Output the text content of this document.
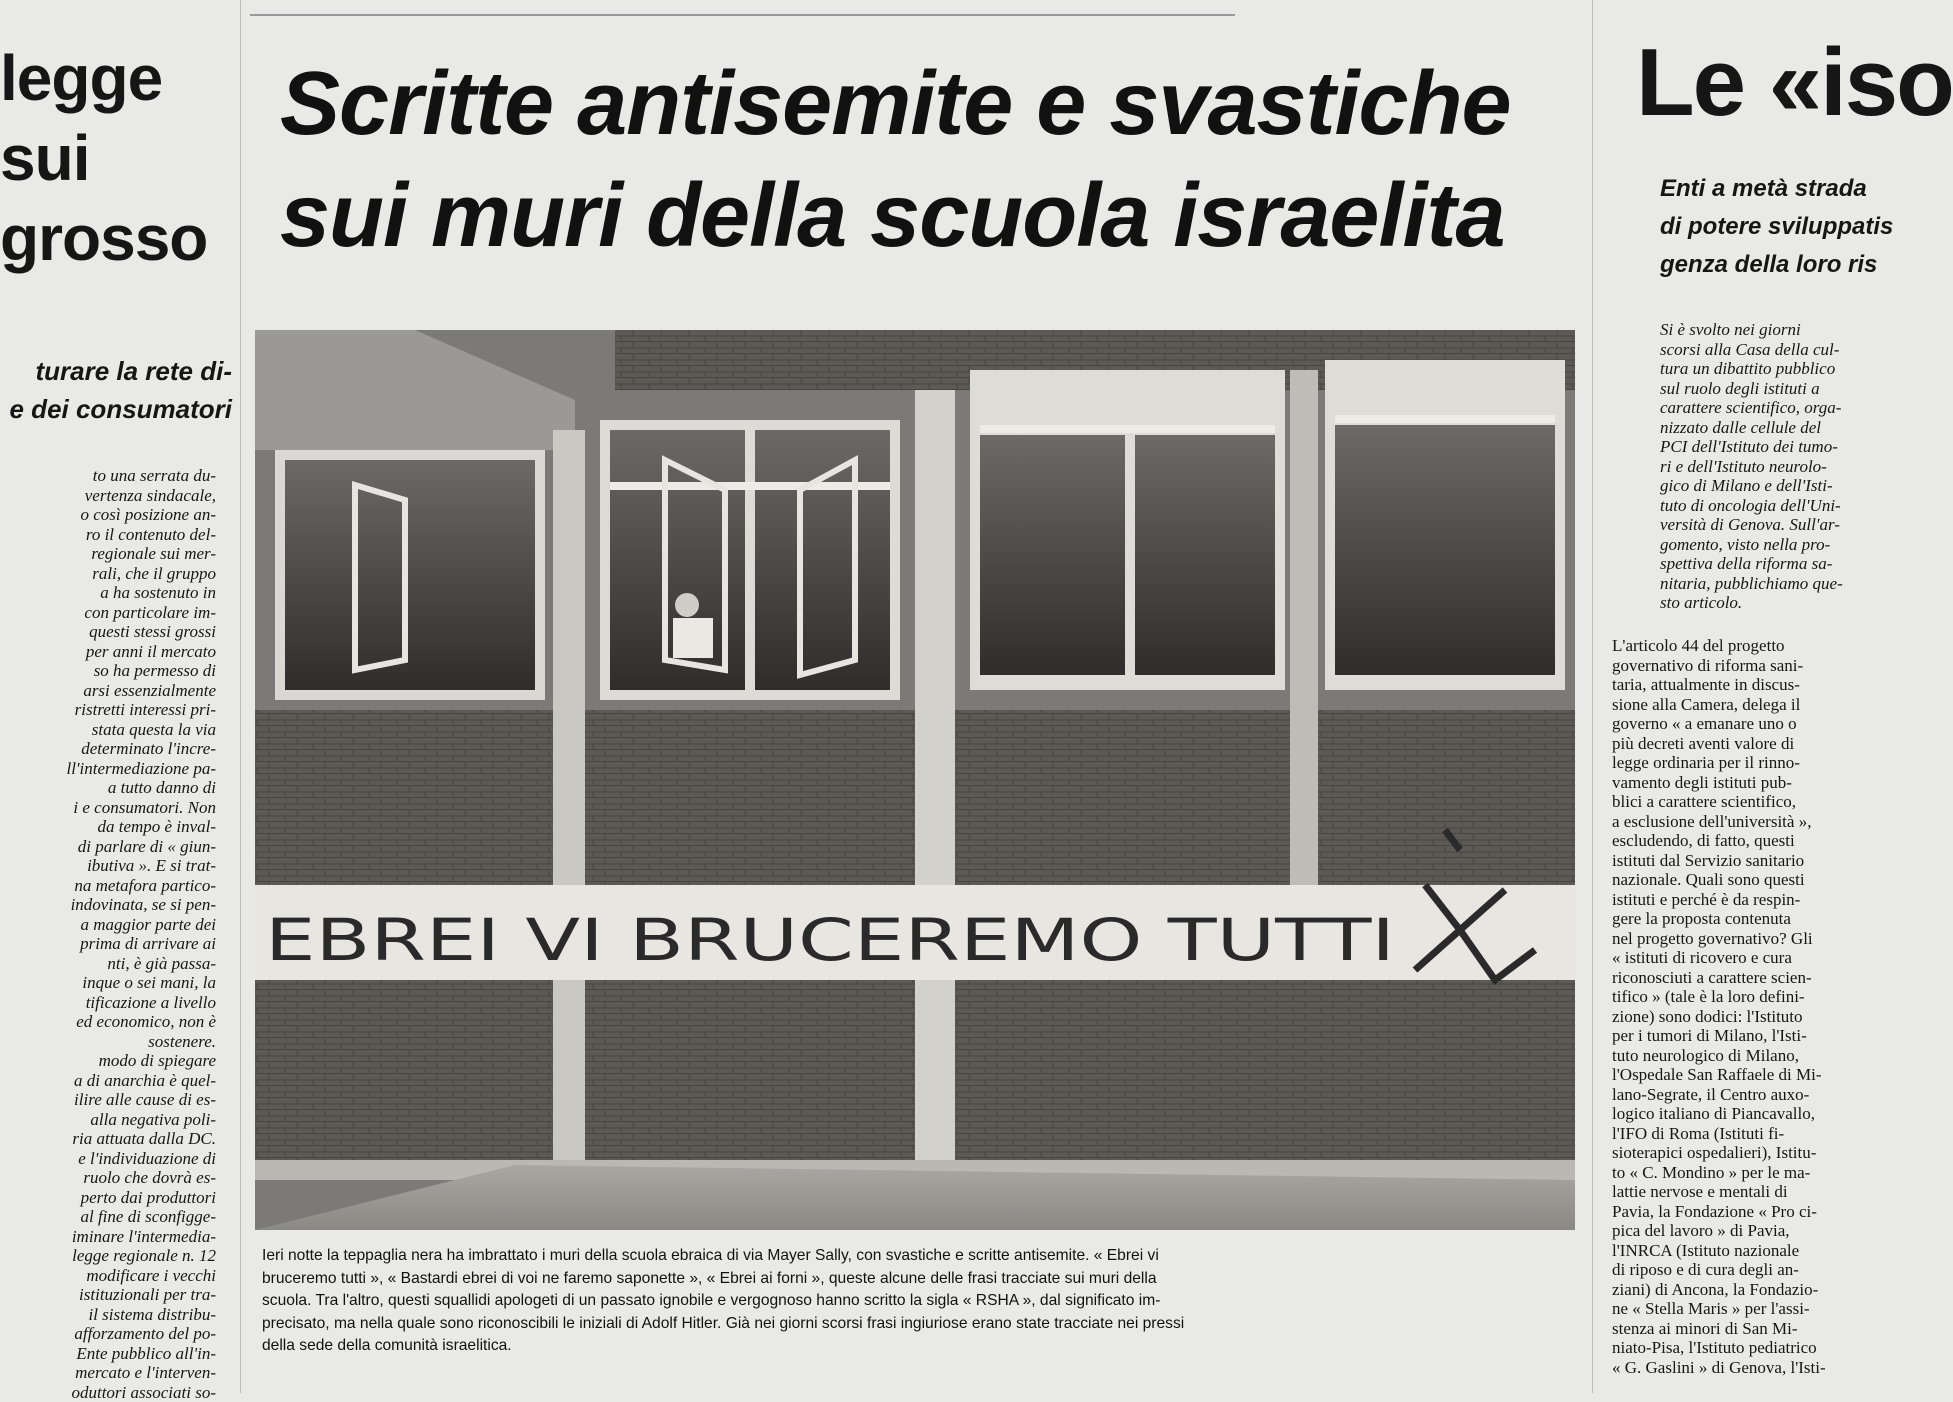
legge
sui
grosso
turare la rete di-
e dei consumatori
to una serrata du-
vertenza sindacale,
o così posizione an-
ro il contenuto del-
regionale sui mer-
rali, che il gruppo
a ha sostenuto in
con particolare im-
questi stessi grossi
per anni il mercato
so ha permesso di
arsi essenzialmente
ristretti interessi pri-
stata questa la via
determinato l'incre-
ll'intermediazione pa-
a tutto danno di
i e consumatori. Non
da tempo è inval-
di parlare di « giun-
ibutiva ». E si trat-
na metafora partico-
indovinata, se si pen-
a maggior parte dei
prima di arrivare ai
nti, è già passa-
inque o sei mani, la
tificazione a livello
ed economico, non è
sostenere.
modo di spiegare
a di anarchia è quel-
ilire alle cause di es-
alla negativa poli-
ria attuata dalla DC.
e l'individuazione di
ruolo che dovrà es-
perto dai produttori
al fine di sconfigge-
iminare l'intermedia-
legge regionale n. 12
modificare i vecchi
istituzionali per tra-
il sistema distribu-
afforzamento del po-
Ente pubblico all'in-
mercato e l'interven-
oduttori associati so-
Scritte antisemite e svastiche
sui muri della scuola israelita
EBREI VI BRUCEREMO TUTTI
Ieri notte la teppaglia nera ha imbrattato i muri della scuola ebraica di via Mayer Sally, con svastiche e scritte antisemite. « Ebrei vi
bruceremo tutti », « Bastardi ebrei di voi ne faremo saponette », « Ebrei ai forni », queste alcune delle frasi tracciate sui muri della
scuola. Tra l'altro, questi squallidi apologeti di un passato ignobile e vergognoso hanno scritto la sigla « RSHA », dal significato im-
precisato, ma nella quale sono riconoscibili le iniziali di Adolf Hitler. Già nei giorni scorsi frasi ingiuriose erano state tracciate nei pressi
della sede della comunità israelitica.
Le «iso
Enti a metà strada
di potere sviluppatis
genza della loro ris
Si è svolto nei giorni
scorsi alla Casa della cul-
tura un dibattito pubblico
sul ruolo degli istituti a
carattere scientifico, orga-
nizzato dalle cellule del
PCI dell'Istituto dei tumo-
ri e dell'Istituto neurolo-
gico di Milano e dell'Isti-
tuto di oncologia dell'Uni-
versità di Genova. Sull'ar-
gomento, visto nella pro-
spettiva della riforma sa-
nitaria, pubblichiamo que-
sto articolo.
L'articolo 44 del progetto
governativo di riforma sani-
taria, attualmente in discus-
sione alla Camera, delega il
governo « a emanare uno o
più decreti aventi valore di
legge ordinaria per il rinno-
vamento degli istituti pub-
blici a carattere scientifico,
a esclusione dell'università »,
escludendo, di fatto, questi
istituti dal Servizio sanitario
nazionale. Quali sono questi
istituti e perché è da respin-
gere la proposta contenuta
nel progetto governativo? Gli
« istituti di ricovero e cura
riconosciuti a carattere scien-
tifico » (tale è la loro defini-
zione) sono dodici: l'Istituto
per i tumori di Milano, l'Isti-
tuto neurologico di Milano,
l'Ospedale San Raffaele di Mi-
lano-Segrate, il Centro auxo-
logico italiano di Piancavallo,
l'IFO di Roma (Istituti fi-
sioterapici ospedalieri), Istitu-
to « C. Mondino » per le ma-
lattie nervose e mentali di
Pavia, la Fondazione « Pro ci-
pica del lavoro » di Pavia,
l'INRCA (Istituto nazionale
di riposo e di cura degli an-
ziani) di Ancona, la Fondazio-
ne « Stella Maris » per l'assi-
stenza ai minori di San Mi-
niato-Pisa, l'Istituto pediatrico
« G. Gaslini » di Genova, l'Isti-
